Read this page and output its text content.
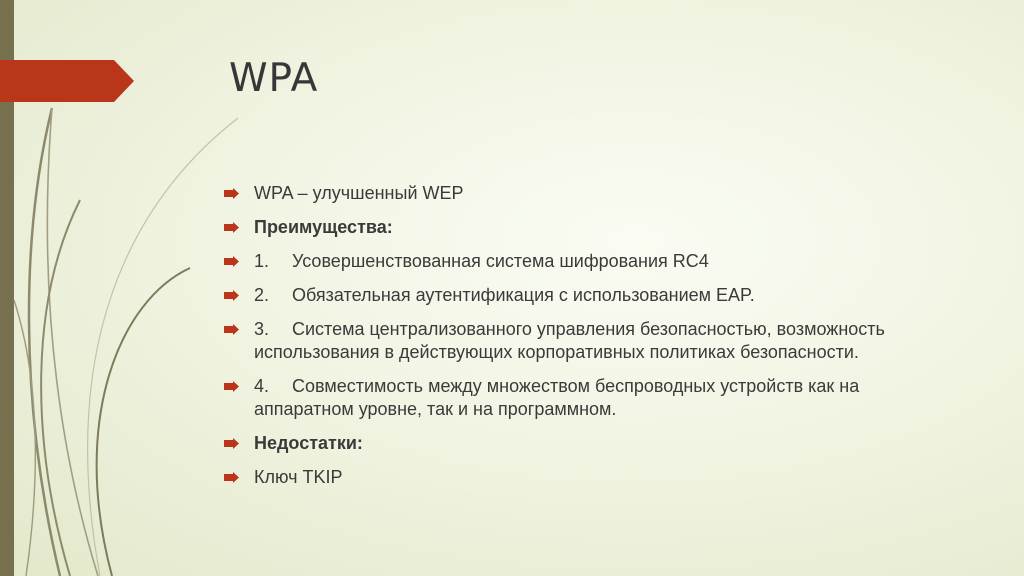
WPA
WPA – улучшенный WEP
Преимущества:
1. Усовершенствованная система шифрования RC4
2. Обязательная аутентификация с использованием EAP.
3. Система централизованного управления безопасностью, возможность использования в действующих корпоративных политиках безопасности.
4. Совместимость между множеством беспроводных устройств как на аппаратном уровне, так и на программном.
Недостатки:
Ключ TKIP
